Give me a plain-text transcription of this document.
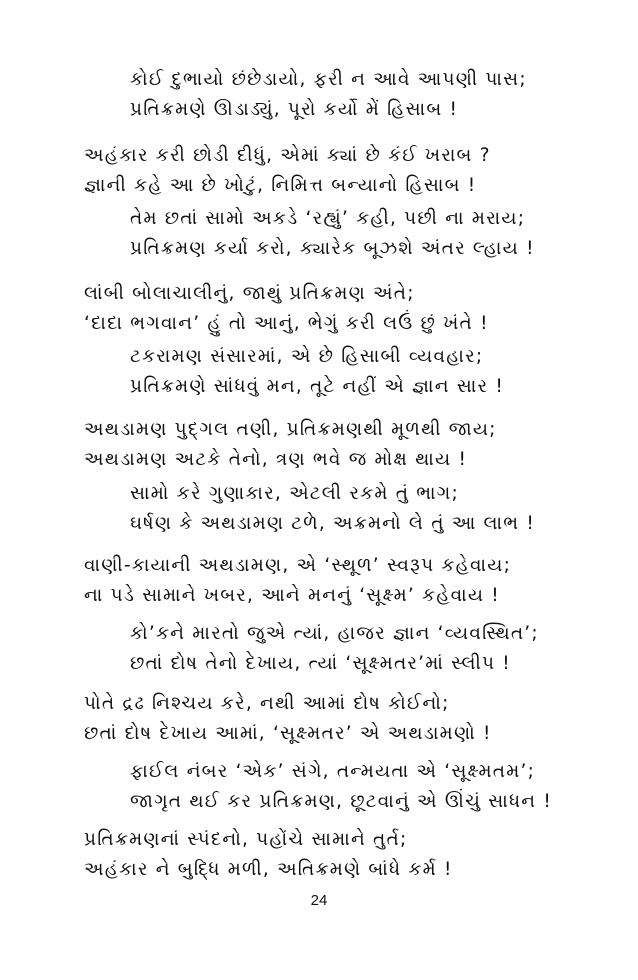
કોઈ દુભાયો છંછેડાયો, ફરી ન આવે આપણી પાસ;
પ્રતિક્રમણે ઊડાડ્યું, પૂરો કર્યો મેં હિસાબ !
અહંકાર કરી છોડી દીધું, એમાં ક્યાં છે કંઈ ખરાબ ?
જ્ઞાની કહે આ છે ખોટું, નિમિત્ત બન્યાનો હિસાબ !
તેમ છતાં સામો અકડે ‘રહ્યું’ કહી, પછી ના મરાય;
પ્રતિક્રમણ કર્યા કરો, ક્યારેક બૂઝશે અંતર લ્હાય !
લાંબી બોલાચાલીનું, જાથું પ્રતિક્રમણ અંતે;
‘દાદા ભગવાન’ હું તો આનું, ભેગું કરી લઉં છું ખંતે !
ટકરામણ સંસારમાં, એ છે હિસાબી વ્યવહાર;
પ્રતિક્રમણે સાંધવું મન, તૂટે નહીં એ જ્ઞાન સાર !
અથડામણ પુદ્‌ગલ તણી, પ્રતિક્રમણથી મૂળથી જાય;
અથડામણ અટકે તેનો, ત્રણ ભવે જ મોક્ષ થાય !
સામો કરે ગુણાકાર, એટલી રકમે તું ભાગ;
ઘર્ષણ કે અથડામણ ટળે, અક્રમનો લે તું આ લાભ !
વાણી-કાયાની અથડામણ, એ ‘સ્થૂળ’ સ્વરૂપ કહેવાય;
ના પડે સામાને ખબર, આને મનનું ‘સૂક્ષ્મ’ કહેવાય !
કો’કને મારતો જુએ ત્યાં, હાજર જ્ઞાન ‘વ્યવસ્થિત’;
છતાં દોષ તેનો દેખાય, ત્યાં ‘સૂક્ષ્મતર’માં સ્લીપ !
પોતે દ્રઢ નિશ્ચય કરે, નથી આમાં દોષ કોઈનો;
છતાં દોષ દેખાય આમાં, ‘સૂક્ષ્મતર’ એ અથડામણો !
ફાઈલ નંબર ‘એક’ સંગે, તન્મયતા એ ‘સૂક્ષ્મતમ’;
જાગૃત થઈ કર પ્રતિક્રમણ, છૂટવાનું એ ઊંચું સાધન !
પ્રતિક્રમણનાં સ્પંદનો, પહોંચે સામાને તુર્ત;
અહંકાર ને બુદ્ધિ મળી, અતિક્રમણે બાંધે કર્મ !
24
